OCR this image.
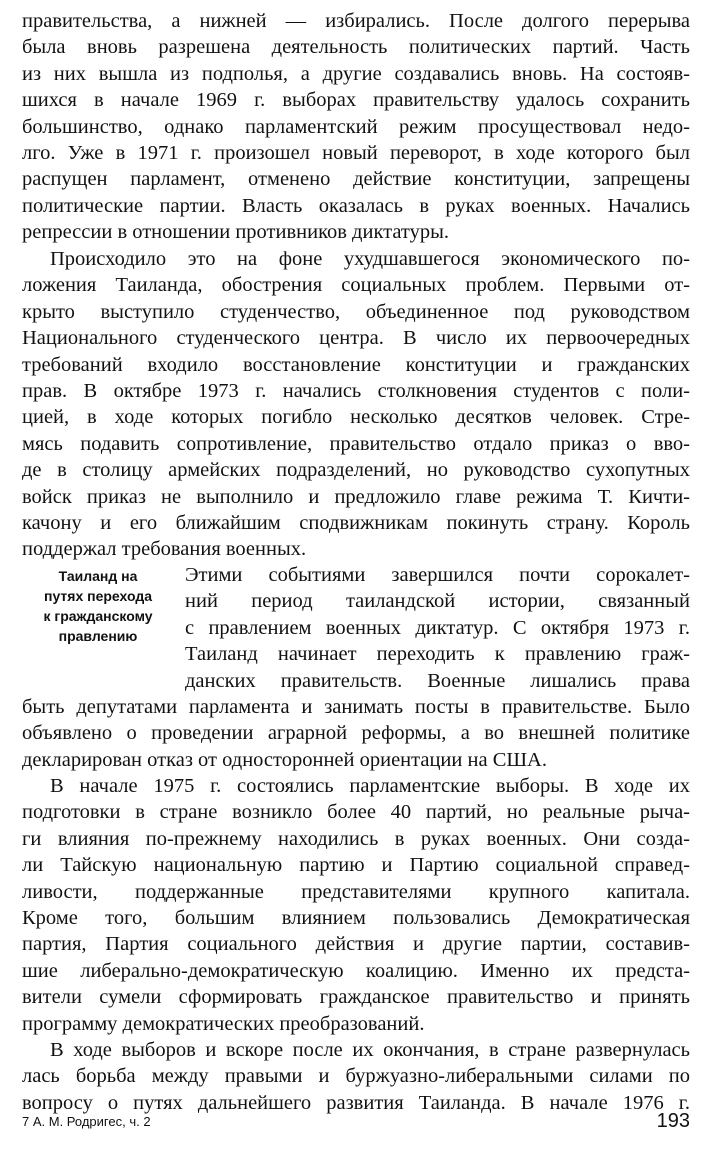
правительства, а нижней — избирались. После долгого перерыва
была вновь разрешена деятельность политических партий. Часть
из них вышла из подполья, а другие создавались вновь. На состояв-
шихся в начале 1969 г. выборах правительству удалось сохранить
большинство, однако парламентский режим просуществовал недо-
лго. Уже в 1971 г. произошел новый переворот, в ходе которого был
распущен парламент, отменено действие конституции, запрещены
политические партии. Власть оказалась в руках военных. Начались
репрессии в отношении противников диктатуры.
Происходило это на фоне ухудшавшегося экономического по-
ложения Таиланда, обострения социальных проблем. Первыми от-
крыто выступило студенчество, объединенное под руководством
Национального студенческого центра. В число их первоочередных
требований входило восстановление конституции и гражданских
прав. В октябре 1973 г. начались столкновения студентов с поли-
цией, в ходе которых погибло несколько десятков человек. Стре-
мясь подавить сопротивление, правительство отдало приказ о вво-
де в столицу армейских подразделений, но руководство сухопутных
войск приказ не выполнило и предложило главе режима Т. Кичти-
качону и его ближайшим сподвижникам покинуть страну. Король
поддержал требования военных.
Таиланд на
путях перехода
к гражданскому
правлению
Этими событиями завершился почти сорокалет-
ний период таиландской истории, связанный
с правлением военных диктатур. С октября 1973 г.
Таиланд начинает переходить к правлению граж-
данских правительств. Военные лишались права
быть депутатами парламента и занимать посты в правительстве. Было
объявлено о проведении аграрной реформы, а во внешней политике
декларирован отказ от односторонней ориентации на США.
В начале 1975 г. состоялись парламентские выборы. В ходе их
подготовки в стране возникло более 40 партий, но реальные рыча-
ги влияния по-прежнему находились в руках военных. Они созда-
ли Тайскую национальную партию и Партию социальной справед-
ливости, поддержанные представителями крупного капитала.
Кроме того, большим влиянием пользовались Демократическая
партия, Партия социального действия и другие партии, составив-
шие либерально-демократическую коалицию. Именно их предста-
вители сумели сформировать гражданское правительство и принять
программу демократических преобразований.
В ходе выборов и вскоре после их окончания, в стране развернулась
лась борьба между правыми и буржуазно-либеральными силами по
вопросу о путях дальнейшего развития Таиланда. В начале 1976 г.
7 А. М. Родригес, ч. 2	193
